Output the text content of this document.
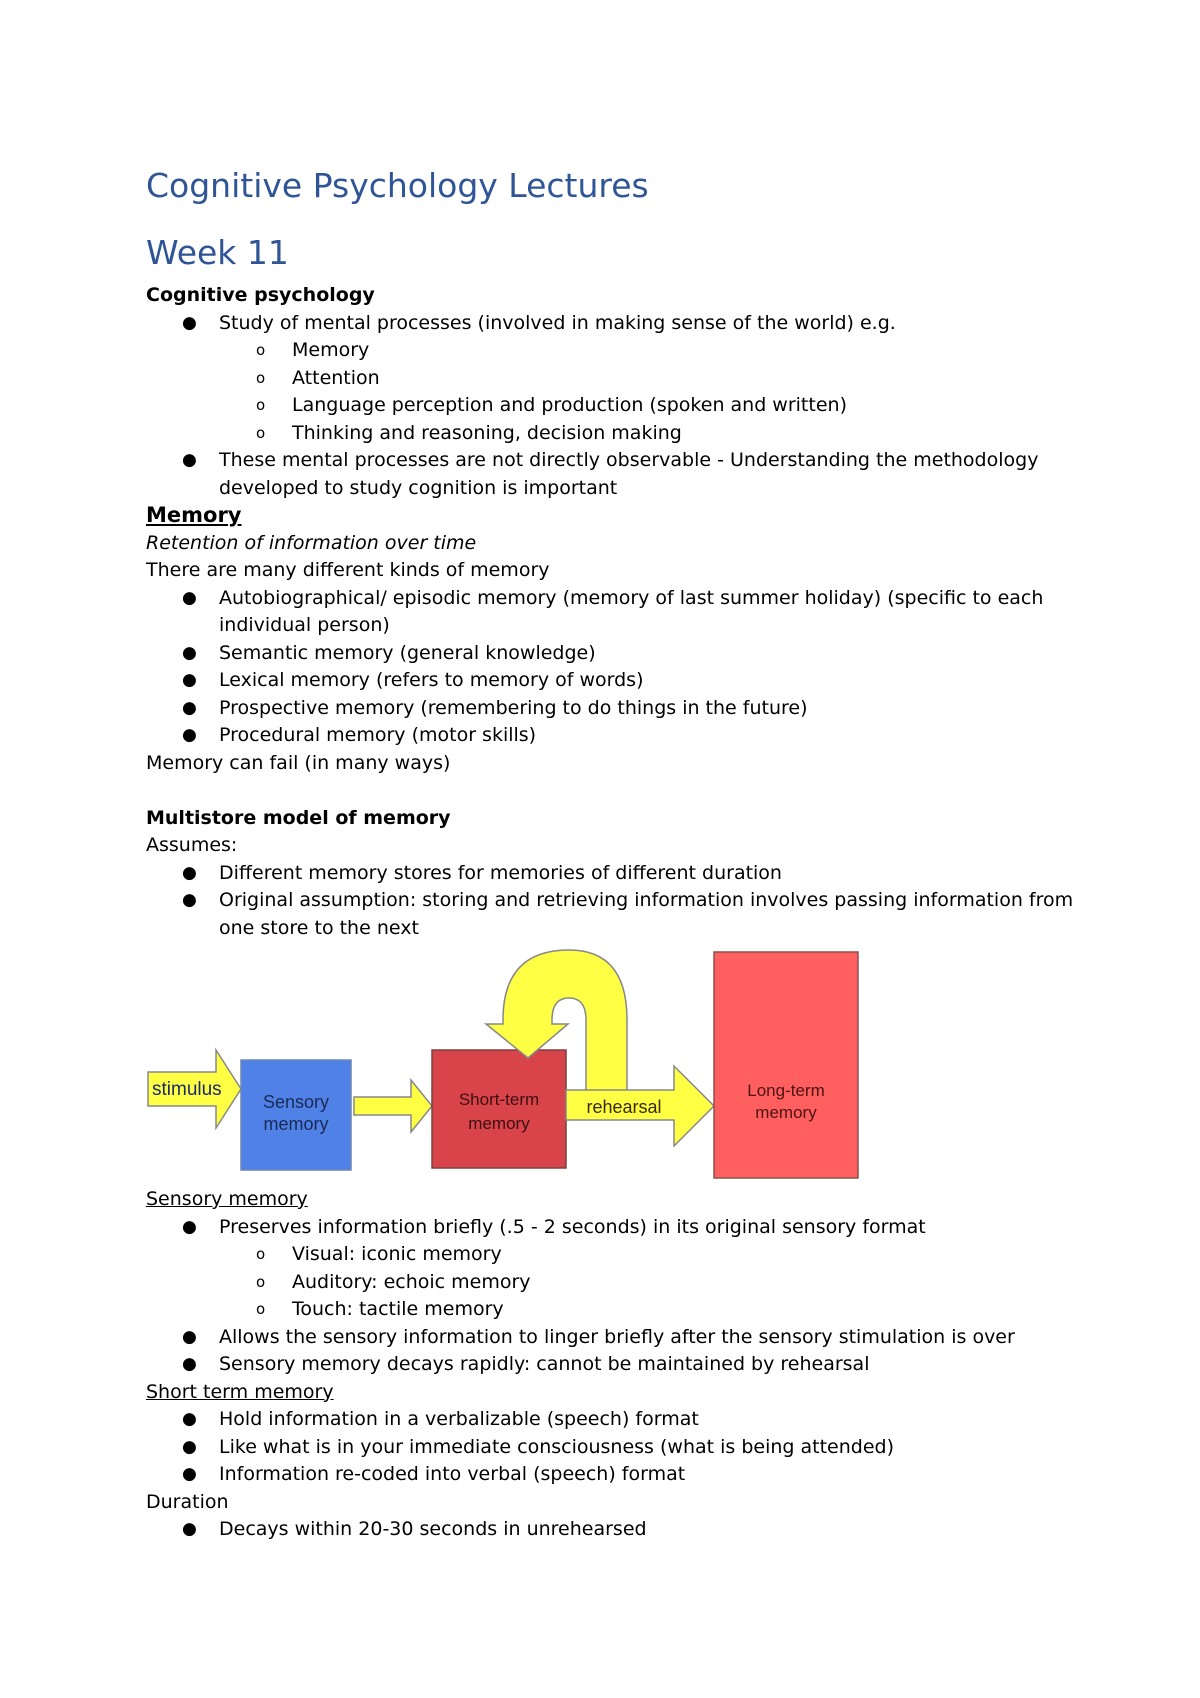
Cognitive Psychology Lectures
Week 11
Cognitive psychology
● Study of mental processes (involved in making sense of the world) e.g.
o Memory
o Attention
o Language perception and production (spoken and written)
o Thinking and reasoning, decision making
● These mental processes are not directly observable - Understanding the methodology
developed to study cognition is important
Memory
Retention of information over time
There are many different kinds of memory
● Autobiographical/ episodic memory (memory of last summer holiday) (specific to each
individual person)
● Semantic memory (general knowledge)
● Lexical memory (refers to memory of words)
● Prospective memory (remembering to do things in the future)
● Procedural memory (motor skills)
Memory can fail (in many ways)
Multistore model of memory
Assumes:
● Different memory stores for memories of different duration
● Original assumption: storing and retrieving information involves passing information from
one store to the next
stimulus
Sensory
memory
Short-term
memory
rehearsal
Long-term
memory
Sensory memory
● Preserves information briefly (.5 - 2 seconds) in its original sensory format
o Visual: iconic memory
o Auditory: echoic memory
o Touch: tactile memory
● Allows the sensory information to linger briefly after the sensory stimulation is over
● Sensory memory decays rapidly: cannot be maintained by rehearsal
Short term memory
● Hold information in a verbalizable (speech) format
● Like what is in your immediate consciousness (what is being attended)
● Information re-coded into verbal (speech) format
Duration
● Decays within 20-30 seconds in unrehearsed
